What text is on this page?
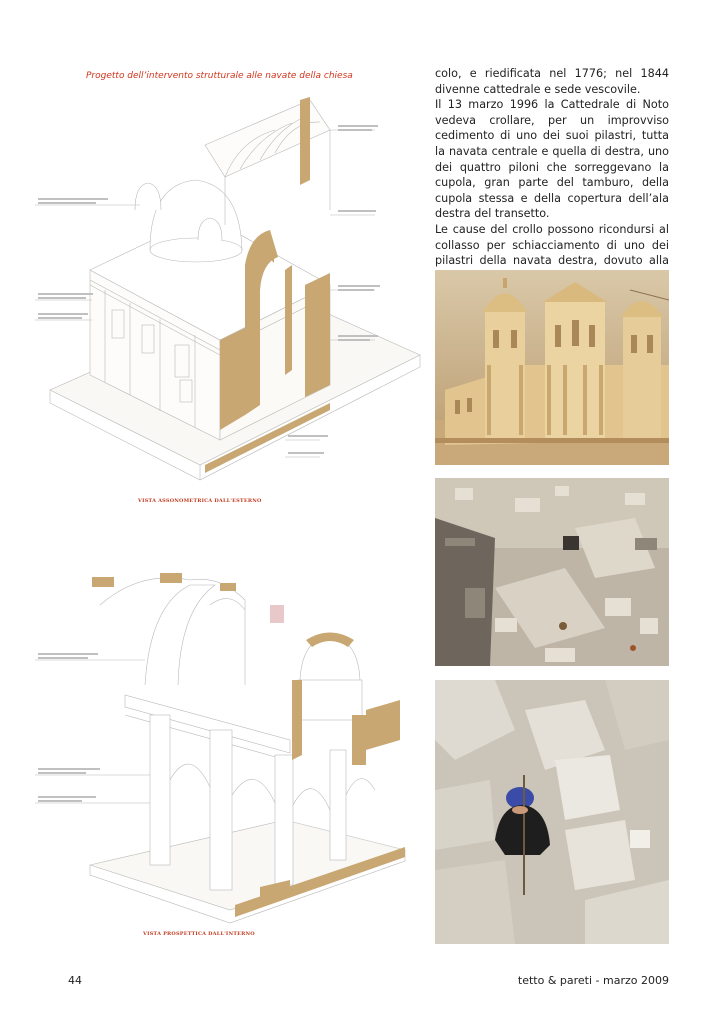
Progetto dell’intervento strutturale alle navate della chiesa
VISTA ASSONOMETRICA DALL'ESTERNO
VISTA PROSPETTICA DALL'INTERNO

colo, e riedificata nel 1776; nel 1844 divenne cattedrale e sede vescovile.

Il 13 marzo 1996 la Cattedrale di Noto vedeva crollare, per un improvviso cedimento di uno dei suoi pilastri, tutta la navata centrale e quella di destra, uno dei quattro piloni che sorreggevano la cupola, gran parte del tamburo, della cupola stessa e della copertura dell’ala destra del transetto.

Le cause del crollo possono ricondursi al collasso per schiacciamento di uno dei pilastri della navata destra, dovuto alla

44	tetto & pareti - marzo 2009
